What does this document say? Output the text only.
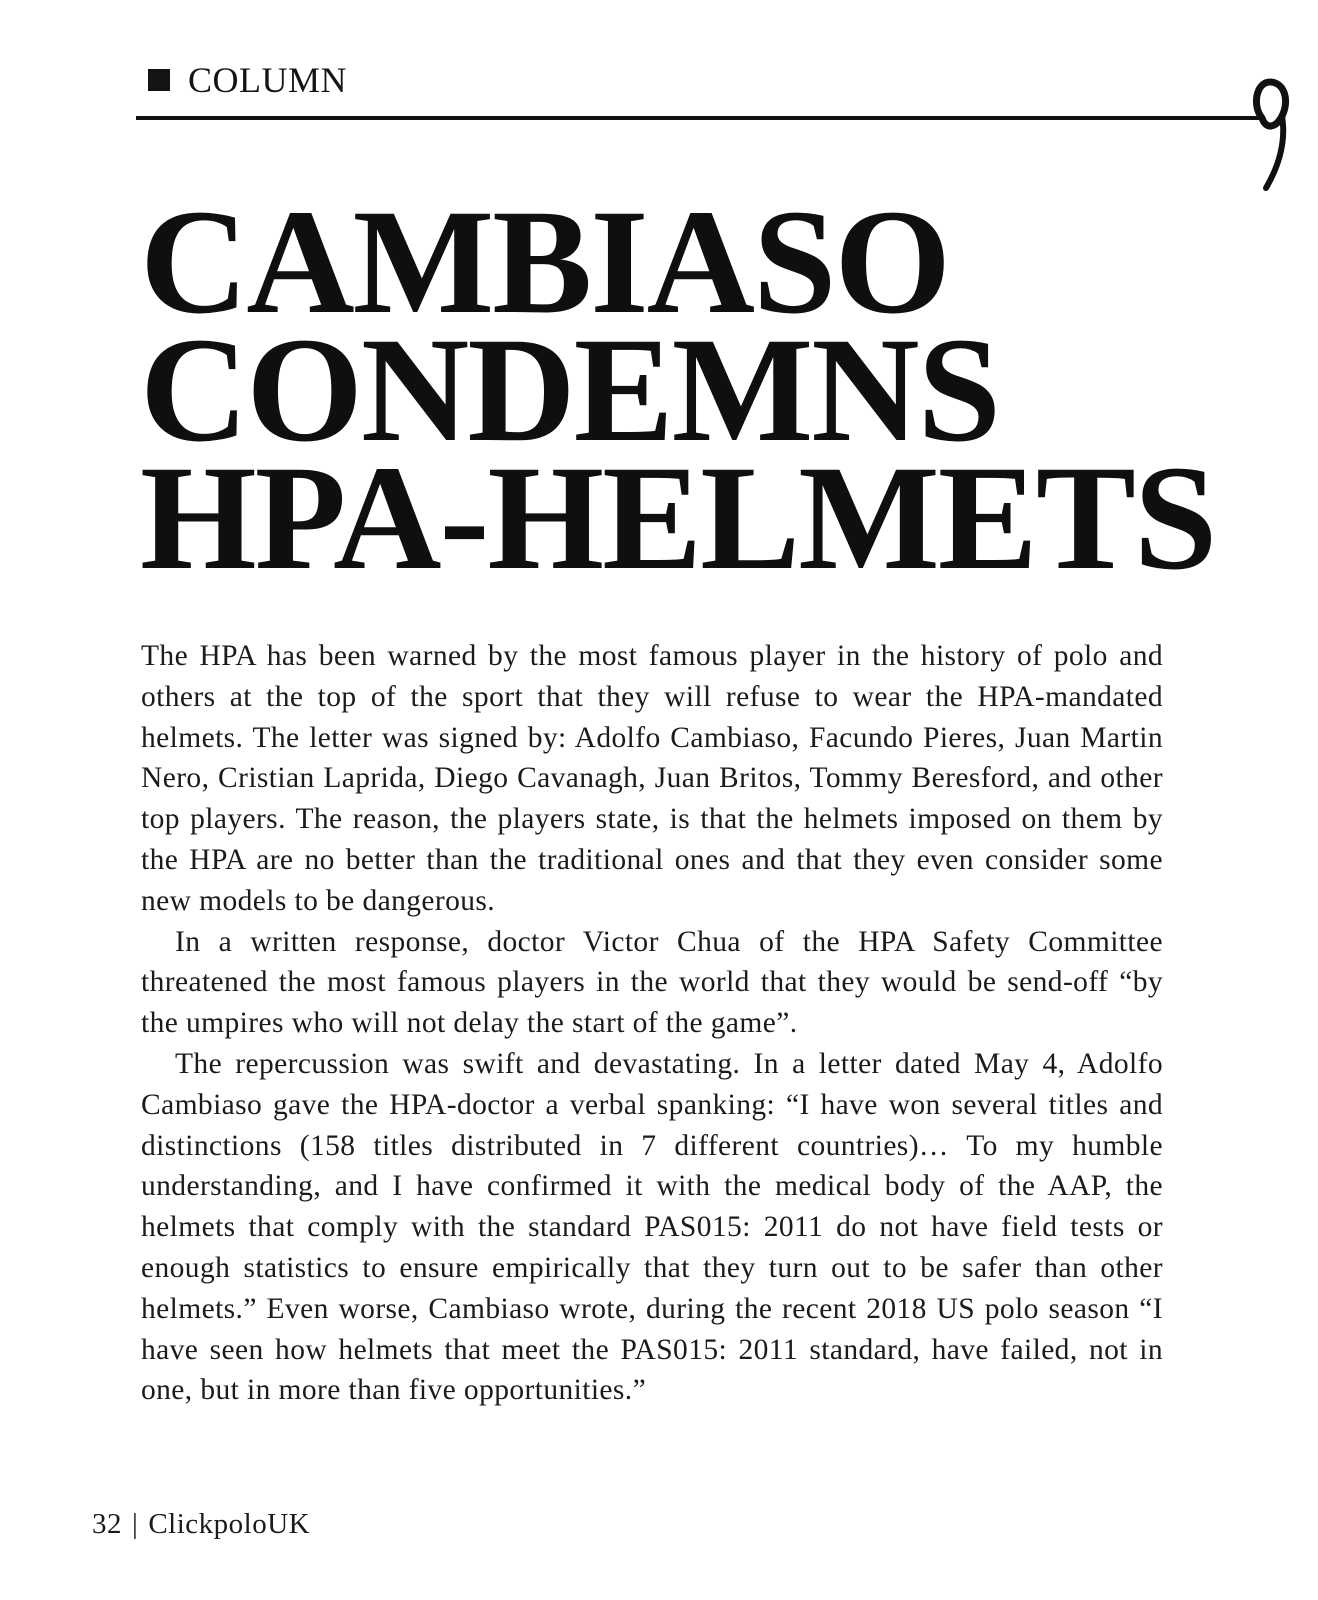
COLUMN
CAMBIASO
CONDEMNS
HPA-HELMETS

The HPA has been warned by the most famous player in the history of polo and others at the top of the sport that they will refuse to wear the HPA-mandated helmets. The letter was signed by: Adolfo Cambiaso, Facundo Pieres, Juan Martin Nero, Cristian Laprida, Diego Cavanagh, Juan Britos, Tommy Beresford, and other top players. The reason, the players state, is that the helmets imposed on them by the HPA are no better than the traditional ones and that they even consider some new models to be dangerous.

In a written response, doctor Victor Chua of the HPA Safety Committee threatened the most famous players in the world that they would be send-off “by the umpires who will not delay the start of the game”.

The repercussion was swift and devastating. In a letter dated May 4, Adolfo Cambiaso gave the HPA-doctor a verbal spanking: “I have won several titles and distinctions (158 titles distributed in 7 different countries)… To my humble understanding, and I have confirmed it with the medical body of the AAP, the helmets that comply with the standard PAS015: 2011 do not have field tests or enough statistics to ensure empirically that they turn out to be safer than other helmets.” Even worse, Cambiaso wrote, during the recent 2018 US polo season “I have seen how helmets that meet the PAS015: 2011 standard, have failed, not in one, but in more than five opportunities.”

32 | ClickpoloUK
